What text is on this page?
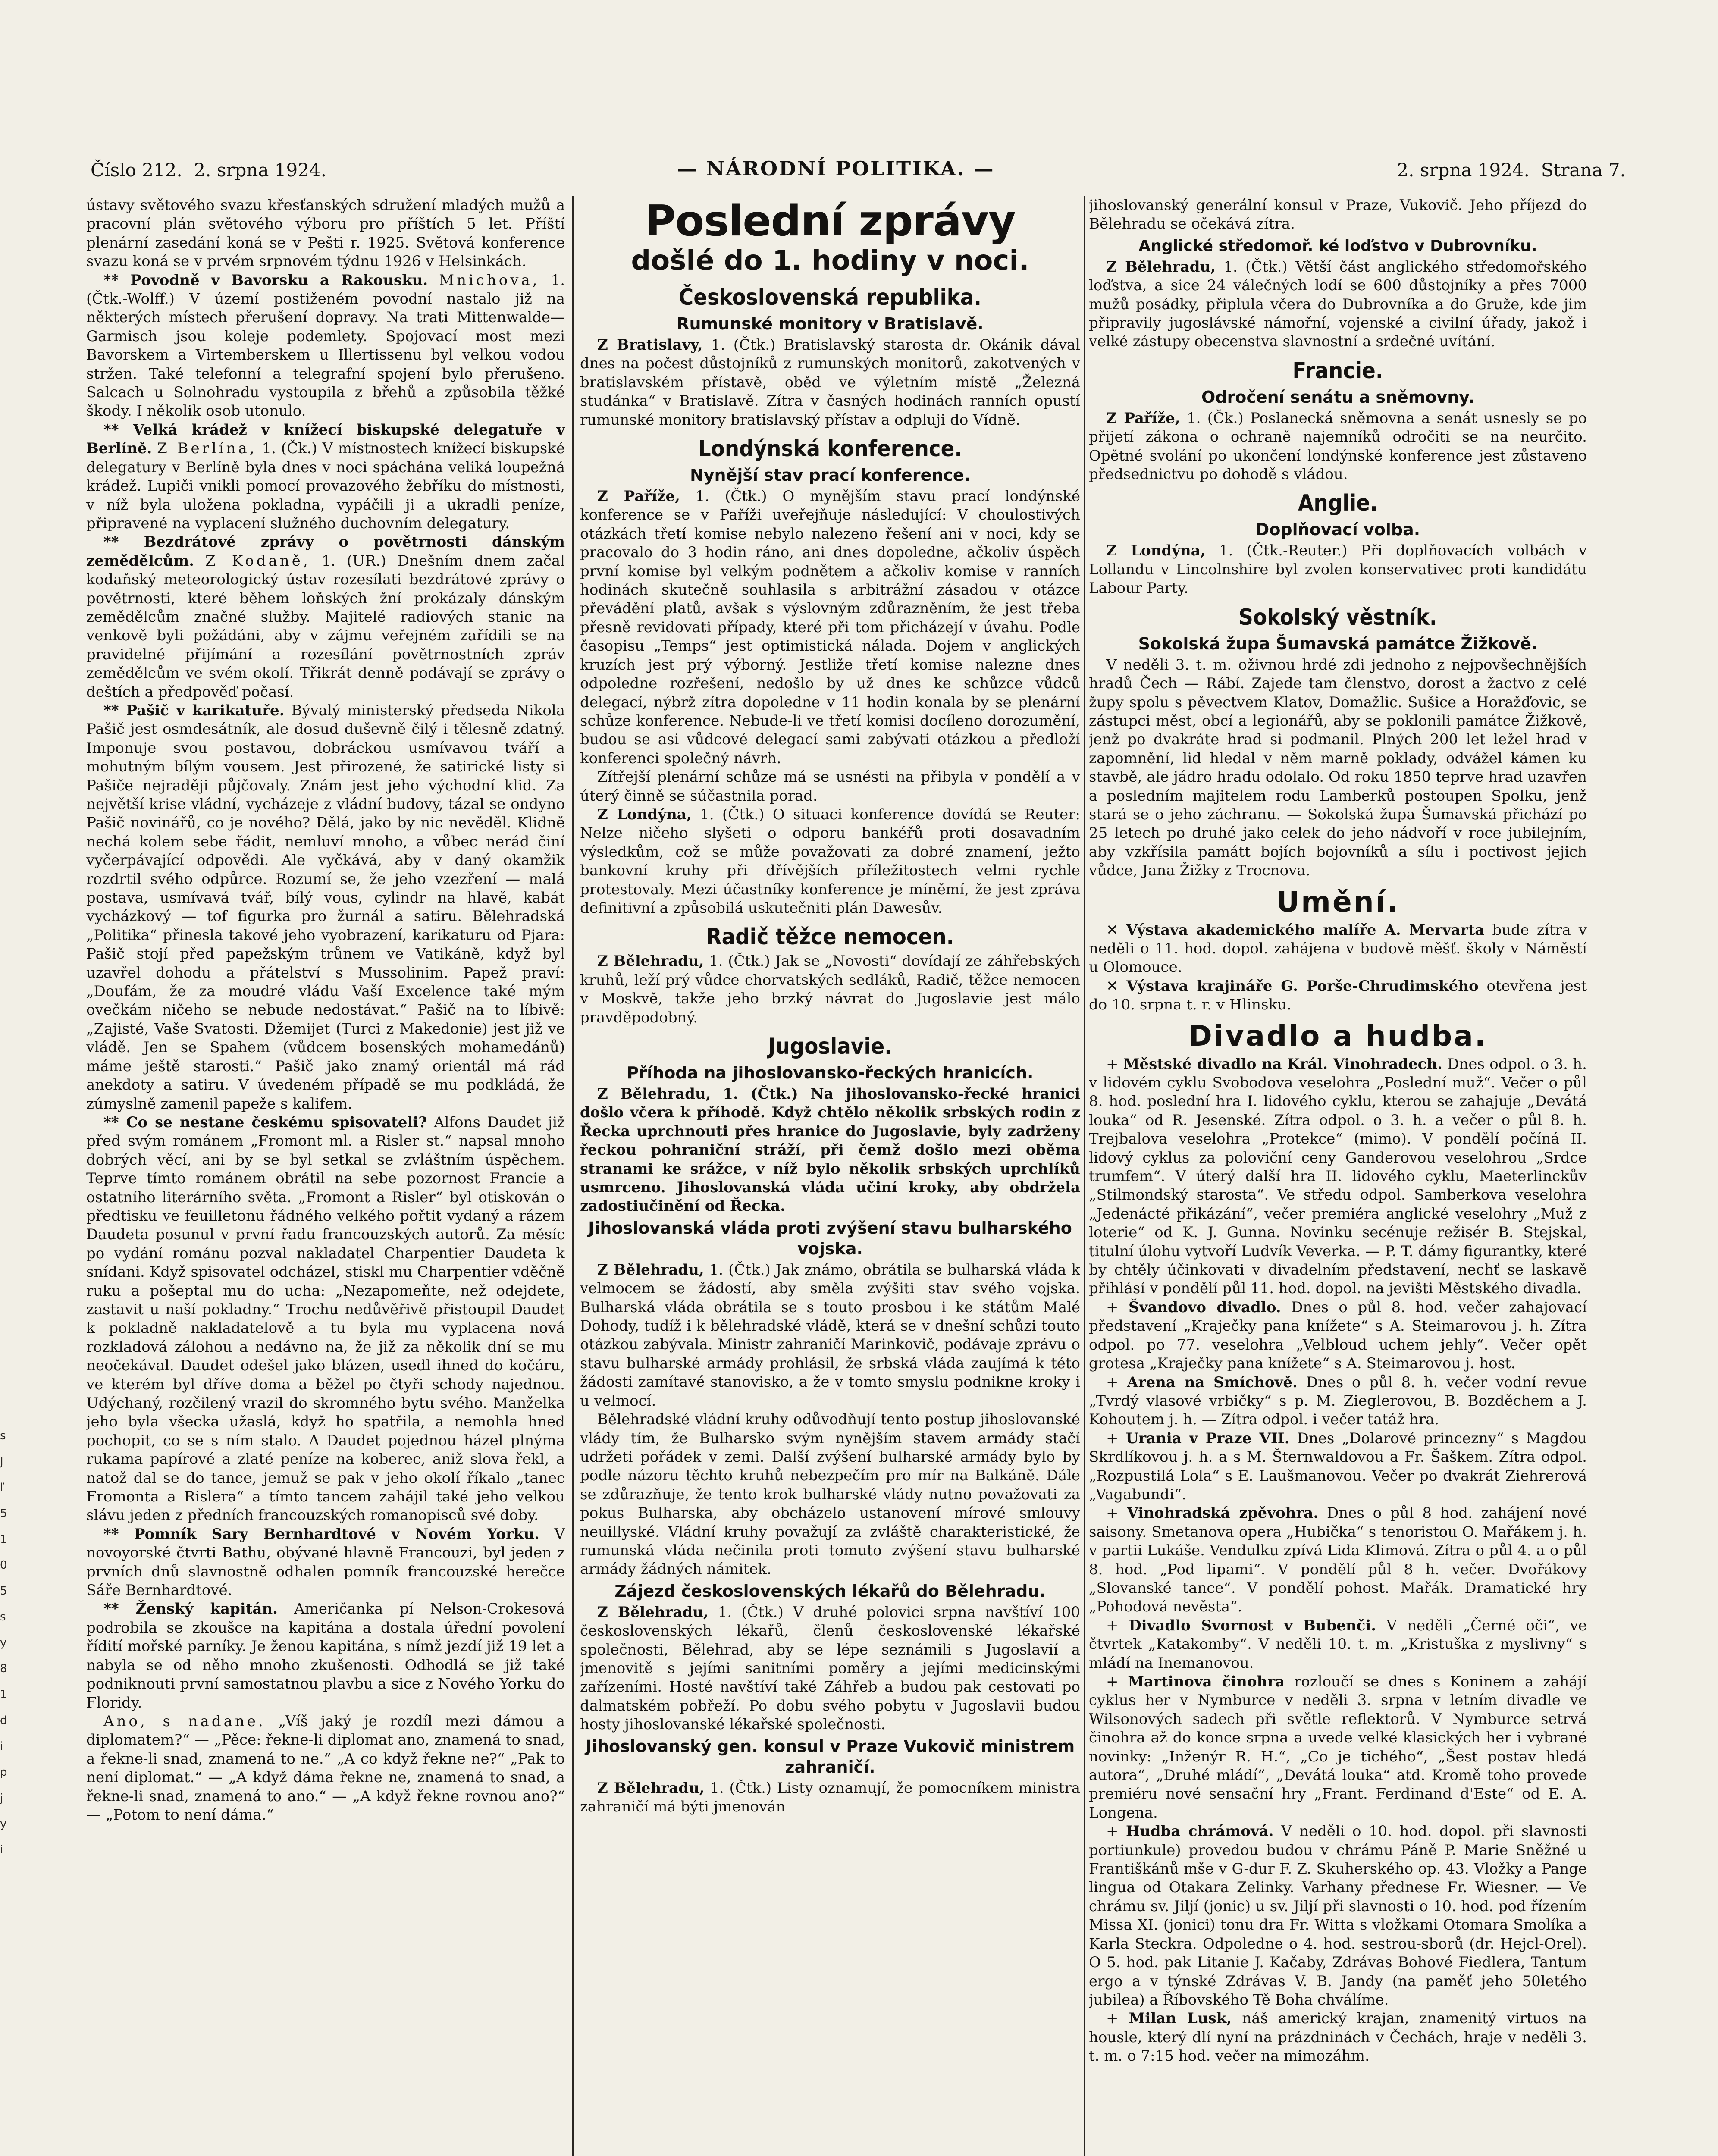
Číslo 212. 2. srpna 1924.	— NÁRODNÍ POLITIKA. —	2. srpna 1924. Strana 7.
s
J
ľ
5
1
0
5
s
y
8
1
d
i
p
j
y
i

ústavy světového svazu křesťanských sdružení mladých mužů a pracovní plán světového výboru pro příštích 5 let. Příští plenární zasedání koná se v Pešti r. 1925. Světová konference svazu koná se v prvém srpnovém týdnu 1926 v Helsinkách.

** Povodně v Bavorsku a Rakousku. Mnichova, 1. (Čtk.-Wolff.) V území postiženém povodní nastalo již na některých místech přerušení dopravy. Na trati Mittenwalde—Garmisch jsou koleje podemlety. Spojovací most mezi Bavorskem a Virtemberskem u Illertissenu byl velkou vodou stržen. Také telefonní a telegrafní spojení bylo přerušeno. Salcach u Solnohradu vystoupila z břehů a způsobila těžké škody. I několik osob utonulo.

** Velká krádež v knížecí biskupské delegatuře v Berlíně. Z Berlína, 1. (Čk.) V místnostech knížecí biskupské delegatury v Berlíně byla dnes v noci spáchána veliká loupežná krádež. Lupiči vnikli pomocí provazového žebříku do místnosti, v níž byla uložena pokladna, vypáčili ji a ukradli peníze, připravené na vyplacení služného duchovním delegatury.

** Bezdrátové zprávy o povětrnosti dánským zemědělcům. Z Kodaně, 1. (UR.) Dnešním dnem začal kodaňský meteorologický ústav rozesílati bezdrátové zprávy o povětrnosti, které během loňských žní prokázaly dánským zemědělcům značné služby. Majitelé radiových stanic na venkově byli požádáni, aby v zájmu veřejném zařídili se na pravidelné přijímání a rozesílání povětrnostních zpráv zemědělcům ve svém okolí. Třikrát denně podávají se zprávy o deštích a předpověď počasí.

** Pašič v karikatuře. Bývalý ministerský předseda Nikola Pašič jest osmdesátník, ale dosud duševně čilý i tělesně zdatný. Imponuje svou postavou, dobráckou usmívavou tváří a mohutným bílým vousem. Jest přirozené, že satirické listy si Pašiče nejraději půjčovaly. Znám jest jeho východní klid. Za největší krise vládní, vycházeje z vládní budovy, tázal se ondyno Pašič novinářů, co je nového? Dělá, jako by nic nevěděl. Klidně nechá kolem sebe řádit, nemluví mnoho, a vůbec nerád činí vyčerpávající odpovědi. Ale vyčkává, aby v daný okamžik rozdrtil svého odpůrce. Rozumí se, že jeho vzezření — malá postava, usmívavá tvář, bílý vous, cylindr na hlavě, kabát vycházkový — tof figurka pro žurnál a satiru. Bělehradská „Politika“ přinesla takové jeho vyobrazení, karikaturu od Pjara: Pašič stojí před papežským trůnem ve Vatikáně, když byl uzavřel dohodu a přátelství s Mussolinim. Papež praví: „Doufám, že za moudré vládu Vaší Excelence také mým ovečkám ničeho se nebude nedostávat.“ Pašič na to líbivě: „Zajisté, Vaše Svatosti. Džemijet (Turci z Makedonie) jest již ve vládě. Jen se Spahem (vůdcem bosenských mohamedánů) máme ještě starosti.“ Pašič jako znamý orientál má rád anekdoty a satiru. V úvedeném případě se mu podkládá, že zúmyslně zamenil papeže s kalifem.

** Co se nestane českému spisovateli? Alfons Daudet již před svým románem „Fromont ml. a Risler st.“ napsal mnoho dobrých věcí, ani by se byl setkal se zvláštním úspěchem. Teprve tímto románem obrátil na sebe pozornost Francie a ostatního literárního světa. „Fromont a Risler“ byl otiskován o předtisku ve feuilletonu řádného velkého pořtit vydaný a rázem Daudeta posunul v první řadu francouzských autorů. Za měsíc po vydání románu pozval nakladatel Charpentier Daudeta k snídani. Když spisovatel odcházel, stiskl mu Charpentier vděčně ruku a pošeptal mu do ucha: „Nezapomeňte, než odejdete, zastavit u naší pokladny.“ Trochu nedůvěřivě přistoupil Daudet k pokladně nakladatelově a tu byla mu vyplacena nová rozkladová zálohou a nedávno na, že již za několik dní se mu neočekával. Daudet odešel jako blázen, usedl ihned do kočáru, ve kterém byl dříve doma a běžel po čtyři schody najednou. Udýchaný, rozčilený vrazil do skromného bytu svého. Manželka jeho byla všecka užaslá, když ho spatřila, a nemohla hned pochopit, co se s ním stalo. A Daudet pojednou házel plnýma rukama papírové a zlaté peníze na koberec, aniž slova řekl, a natož dal se do tance, jemuž se pak v jeho okolí říkalo „tanec Fromonta a Rislera“ a tímto tancem zahájil také jeho velkou slávu jeden z předních francouzských romanopisců své doby.

** Pomník Sary Bernhardtové v Novém Yorku. V novoyorské čtvrti Bathu, obývané hlavně Francouzi, byl jeden z prvních dnů slavnostně odhalen pomník francouzské herečce Sáře Bernhardtové.

** Ženský kapitán. Američanka pí Nelson-Crokesová podrobila se zkoušce na kapitána a dostala úřední povolení řídití mořské parníky. Je ženou kapitána, s nímž jezdí již 19 let a nabyla se od něho mnoho zkušenosti. Odhodlá se již také podniknouti první samostatnou plavbu a sice z Nového Yorku do Floridy.

Ano, s nadane. „Víš jaký je rozdíl mezi dámou a diplomatem?“ — „Pěce: řekne-li diplomat ano, znamená to snad, a řekne-li snad, znamená to ne.“ „A co když řekne ne?“ „Pak to není diplomat.“ — „A když dáma řekne ne, znamená to snad, a řekne-li snad, znamená to ano.“ — „A když řekne rovnou ano?“ — „Potom to není dáma.“

Poslední zprávy
došlé do 1. hodiny v noci.
Československá republika.
Rumunské monitory v Bratislavě.

Z Bratislavy, 1. (Čtk.) Bratislavský starosta dr. Okánik dával dnes na počest důstojníků z rumunských monitorů, zakotvených v bratislavském přístavě, oběd ve výletním místě „Železná studánka“ v Bratislavě. Zítra v časných hodinách ranních opustí rumunské monitory bratislavský přístav a odpluji do Vídně.

Londýnská konference.
Nynější stav prací konference.

Z Paříže, 1. (Čtk.) O mynějším stavu prací londýnské konference se v Paříži uveřejňuje následující: V choulostivých otázkách třetí komise nebylo nalezeno řešení ani v noci, kdy se pracovalo do 3 hodin ráno, ani dnes dopoledne, ačkoliv úspěch první komise byl velkým podnětem a ačkoliv komise v ranních hodinách skutečně souhlasila s arbitrážní zásadou v otázce převádění platů, avšak s výslovným zdůrazněním, že jest třeba přesně revidovati případy, které při tom přicházejí v úvahu. Podle časopisu „Temps“ jest optimistická nálada. Dojem v anglických kruzích jest prý výborný. Jestliže třetí komise nalezne dnes odpoledne rozřešení, nedošlo by už dnes ke schůzce vůdců delegací, nýbrž zítra dopoledne v 11 hodin konala by se plenární schůze konference. Nebude-li ve třetí komisi docíleno dorozumění, budou se asi vůdcové delegací sami zabývati otázkou a předloží konferenci společný návrh.

Zítřejší plenární schůze má se usnésti na přibyla v pondělí a v úterý činně se súčastnila porad.

Z Londýna, 1. (Čtk.) O situaci konference dovídá se Reuter: Nelze ničeho slyšeti o odporu bankéřů proti dosavadním výsledkům, což se může považovati za dobré znamení, ježto bankovní kruhy při dřívějších příležitostech velmi rychle protestovaly. Mezi účastníky konference je míněmí, že jest zpráva definitivní a způsobilá uskutečniti plán Dawesův.

Radič těžce nemocen.

Z Bělehradu, 1. (Čtk.) Jak se „Novosti“ dovídají ze záhřebských kruhů, leží prý vůdce chorvatských sedláků, Radič, těžce nemocen v Moskvě, takže jeho brzký návrat do Jugoslavie jest málo pravděpodobný.

Jugoslavie.
Příhoda na jihoslovansko-řeckých hranicích.

Z Bělehradu, 1. (Čtk.) Na jihoslovansko-řecké hranici došlo včera k příhodě. Když chtělo několik srbských rodin z Řecka uprchnouti přes hranice do Jugoslavie, byly zadrženy řeckou pohraniční stráží, při čemž došlo mezi oběma stranami ke srážce, v níž bylo několik srbských uprchlíků usmrceno. Jihoslovanská vláda učiní kroky, aby obdržela zadostiučinění od Řecka.

Jihoslovanská vláda proti zvýšení stavu bulharského vojska.

Z Bělehradu, 1. (Čtk.) Jak známo, obrátila se bulharská vláda k velmocem se žádostí, aby směla zvýšiti stav svého vojska. Bulharská vláda obrátila se s touto prosbou i ke státům Malé Dohody, tudíž i k bělehradské vládě, která se v dnešní schůzi touto otázkou zabývala. Ministr zahraničí Marinkovič, podávaje zprávu o stavu bulharské armády prohlásil, že srbská vláda zaujímá k této žádosti zamítavé stanovisko, a že v tomto smyslu podnikne kroky i u velmocí.

Bělehradské vládní kruhy odůvodňují tento postup jihoslovanské vlády tím, že Bulharsko svým nynějším stavem armády stačí udržeti pořádek v zemi. Další zvýšení bulharské armády bylo by podle názoru těchto kruhů nebezpečím pro mír na Balkáně. Dále se zdůrazňuje, že tento krok bulharské vlády nutno považovati za pokus Bulharska, aby obcházelo ustanovení mírové smlouvy neuillyské. Vládní kruhy považují za zvláště charakteristické, že rumunská vláda nečinila proti tomuto zvýšení stavu bulharské armády žádných námitek.

Zájezd československých lékařů do Bělehradu.

Z Bělehradu, 1. (Čtk.) V druhé polovici srpna navštíví 100 československých lékařů, členů československé lékařské společnosti, Bělehrad, aby se lépe seznámili s Jugoslavií a jmenovitě s jejími sanitními poměry a jejími medicinskými zařízeními. Hosté navštíví také Záhřeb a budou pak cestovati po dalmatském pobřeží. Po dobu svého pobytu v Jugoslavii budou hosty jihoslovanské lékařské společnosti.

Jihoslovanský gen. konsul v Praze Vukovič ministrem zahraničí.

Z Bělehradu, 1. (Čtk.) Listy oznamují, že pomocníkem ministra zahraničí má býti jmenován

jihoslovanský generální konsul v Praze, Vukovič. Jeho příjezd do Bělehradu se očekává zítra.

Anglické středomoř. ké loďstvo v Dubrovníku.

Z Bělehradu, 1. (Čtk.) Větší část anglického středomořského loďstva, a sice 24 válečných lodí se 600 důstojníky a přes 7000 mužů posádky, připlula včera do Dubrovníka a do Gruže, kde jim připravily jugoslávské námořní, vojenské a civilní úřady, jakož i velké zástupy obecenstva slavnostní a srdečné uvítání.

Francie.
Odročení senátu a sněmovny.

Z Paříže, 1. (Čk.) Poslanecká sněmovna a senát usnesly se po přijetí zákona o ochraně najemníků odročiti se na neurčito. Opětné svolání po ukončení londýnské konference jest zůstaveno předsednictvu po dohodě s vládou.

Anglie.
Doplňovací volba.

Z Londýna, 1. (Čtk.-Reuter.) Při doplňovacích volbách v Lollandu v Lincolnshire byl zvolen konservativec proti kandidátu Labour Party.

Sokolský věstník.
Sokolská župa Šumavská památce Žižkově.

V neděli 3. t. m. oživnou hrdé zdi jednoho z nejpovšechnějších hradů Čech — Rábí. Zajede tam členstvo, dorost a žactvo z celé župy spolu s pěvectvem Klatov, Domažlic. Sušice a Horažďovic, se zástupci měst, obcí a legionářů, aby se poklonili památce Žižkově, jenž po dvakráte hrad si podmanil. Plných 200 let ležel hrad v zapomnění, lid hledal v něm marně poklady, odvážel kámen ku stavbě, ale jádro hradu odolalo. Od roku 1850 teprve hrad uzavřen a posledním majitelem rodu Lamberků postoupen Spolku, jenž stará se o jeho záchranu. — Sokolská župa Šumavská přichází po 25 letech po druhé jako celek do jeho nádvoří v roce jubilejním, aby vzkřísila památt bojích bojovníků a sílu i poctivost jejich vůdce, Jana Žižky z Trocnova.

Umění.

✕ Výstava akademického malíře A. Mervarta bude zítra v neděli o 11. hod. dopol. zahájena v budově měšť. školy v Náměstí u Olomouce.

✕ Výstava krajináře G. Porše-Chrudimského otevřena jest do 10. srpna t. r. v Hlinsku.

Divadlo a hudba.

+ Městské divadlo na Král. Vinohradech. Dnes odpol. o 3. h. v lidovém cyklu Svobodova veselohra „Poslední muž“. Večer o půl 8. hod. poslední hra I. lidového cyklu, kterou se zahajuje „Devátá louka“ od R. Jesenské. Zítra odpol. o 3. h. a večer o půl 8. h. Trejbalova veselohra „Protekce“ (mimo). V pondělí počíná II. lidový cyklus za poloviční ceny Ganderovou veselohrou „Srdce trumfem“. V úterý další hra II. lidového cyklu, Maeterlinckův „Stilmondský starosta“. Ve středu odpol. Samberkova veselohra „Jedenácté přikázání“, večer premiéra anglické veselohry „Muž z loterie“ od K. J. Gunna. Novinku secénuje režisér B. Stejskal, titulní úlohu vytvoří Ludvík Veverka. — P. T. dámy figurantky, které by chtěly účinkovati v divadelním představení, nechť se laskavě přihlásí v pondělí půl 11. hod. dopol. na jevišti Městského divadla.

+ Švandovo divadlo. Dnes o půl 8. hod. večer zahajovací představení „Kraječky pana knížete“ s A. Steimarovou j. h. Zítra odpol. po 77. veselohra „Velbloud uchem jehly“. Večer opět grotesa „Kraječky pana knížete“ s A. Steimarovou j. host.

+ Arena na Smíchově. Dnes o půl 8. h. večer vodní revue „Tvrdý vlasové vrbičky“ s p. M. Zieglerovou, B. Bozděchem a J. Kohoutem j. h. — Zítra odpol. i večer tatáž hra.

+ Urania v Praze VII. Dnes „Dolarové princezny“ s Magdou Skrdlíkovou j. h. a s M. Šternwaldovou a Fr. Šaškem. Zítra odpol. „Rozpustilá Lola“ s E. Laušmanovou. Večer po dvakrát Ziehrerová „Vagabundi“.

+ Vinohradská zpěvohra. Dnes o půl 8 hod. zahájení nové saisony. Smetanova opera „Hubička“ s tenoristou O. Mařákem j. h. v partii Lukáše. Vendulku zpívá Lida Klimová. Zítra o půl 4. a o půl 8. hod. „Pod lipami“. V pondělí půl 8 h. večer. Dvořákovy „Slovanské tance“. V pondělí pohost. Mařák. Dramatické hry „Pohodová nevěsta“.

+ Divadlo Svornost v Bubenči. V neděli „Černé oči“, ve čtvrtek „Katakomby“. V neděli 10. t. m. „Kristuška z myslivny“ s mládí na Inemanovou.

+ Martinova činohra rozloučí se dnes s Koninem a zahájí cyklus her v Nymburce v neděli 3. srpna v letním divadle ve Wilsonových sadech při světle reflektorů. V Nymburce setrvá činohra až do konce srpna a uvede velké klasických her i vybrané novinky: „Inženýr R. H.“, „Co je tichého“, „Šest postav hledá autora“, „Druhé mládí“, „Devátá louka“ atd. Kromě toho provede premiéru nové sensační hry „Frant. Ferdinand d'Este“ od E. A. Longena.

+ Hudba chrámová. V neděli o 10. hod. dopol. při slavnosti portiunkule) provedou budou v chrámu Páně P. Marie Sněžné u Františkánů mše v G-dur F. Z. Skuherského op. 43. Vložky a Pange lingua od Otakara Zelinky. Varhany přednese Fr. Wiesner. — Ve chrámu sv. Jiljí (jonic) u sv. Jiljí při slavnosti o 10. hod. pod řízením Missa XI. (jonici) tonu dra Fr. Witta s vložkami Otomara Smolíka a Karla Steckra. Odpoledne o 4. hod. sestrou-sborů (dr. Hejcl-Orel). O 5. hod. pak Litanie J. Kačaby, Zdrávas Bohové Fiedlera, Tantum ergo a v týnské Zdrávas V. B. Jandy (na paměť jeho 50letého jubilea) a Říbovského Tě Boha chválíme.

+ Milan Lusk, náš americký krajan, znamenitý virtuos na housle, který dlí nyní na prázdninách v Čechách, hraje v neděli 3. t. m. o 7:15 hod. večer na mimozáhm.
